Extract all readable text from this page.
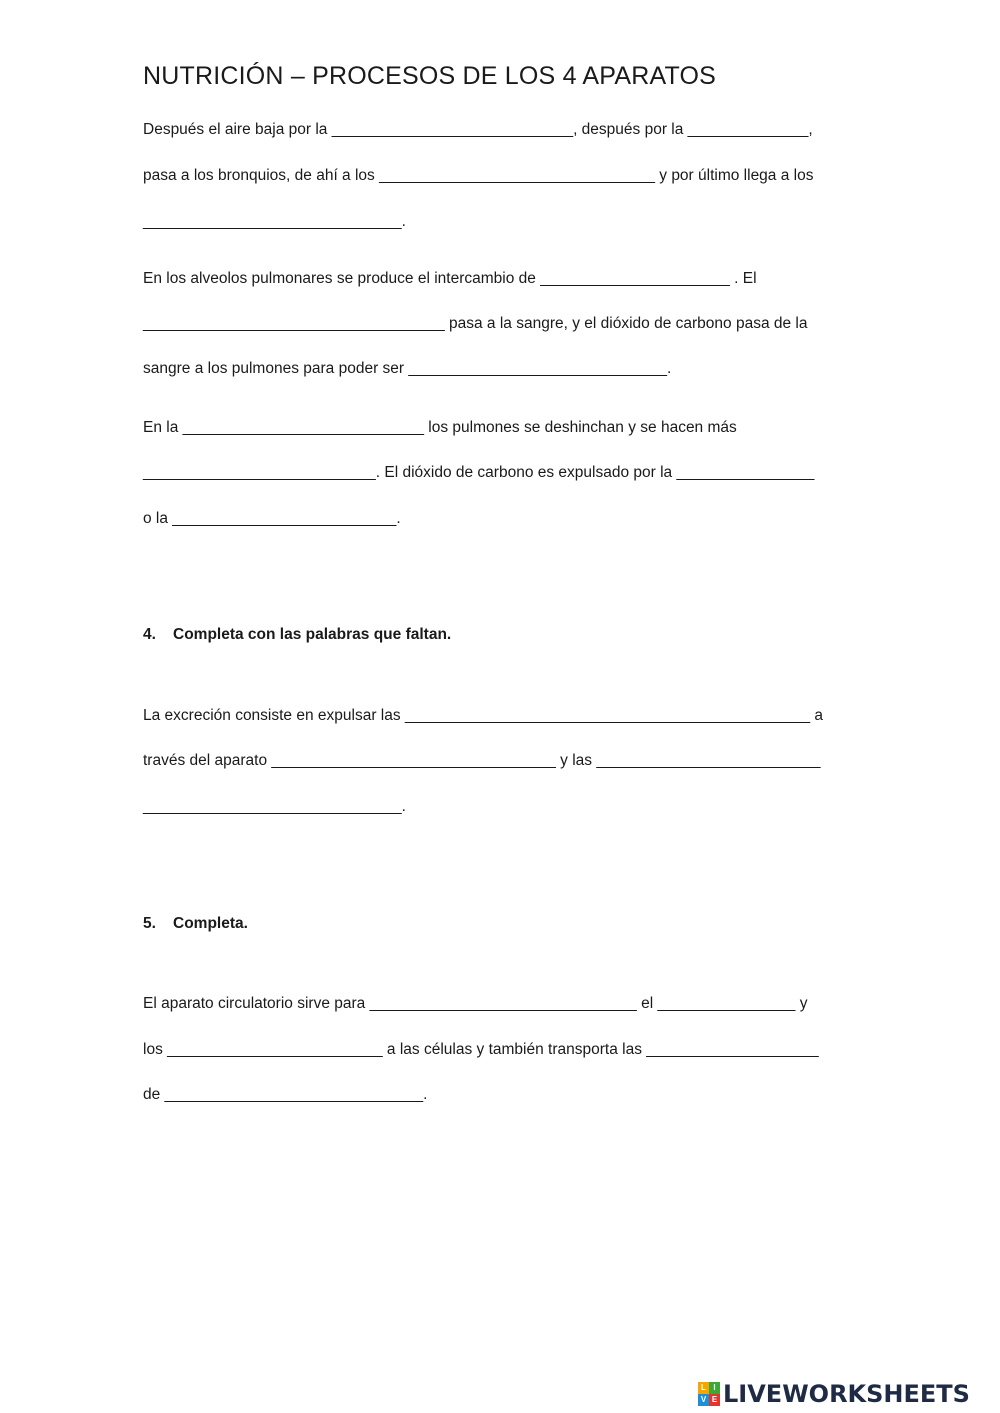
NUTRICIÓN – PROCESOS DE LOS 4 APARATOS
Después el aire baja por la ____________________________, después por la ______________,
pasa a los bronquios, de ahí a los ________________________________ y por último llega a los
______________________________.
En los alveolos pulmonares se produce el intercambio de ______________________ . El
___________________________________ pasa a la sangre, y el dióxido de carbono pasa de la
sangre a los pulmones para poder ser ______________________________.
En la ____________________________ los pulmones se deshinchan y se hacen más
___________________________. El dióxido de carbono es expulsado por la ________________
o la __________________________.
4. Completa con las palabras que faltan.
La excreción consiste en expulsar las _______________________________________________ a
través del aparato _________________________________ y las __________________________
______________________________.
5. Completa.
El aparato circulatorio sirve para _______________________________ el ________________ y
los _________________________ a las células y también transporta las ____________________
de ______________________________.
L I
V E LIVEWORKSHEETS
